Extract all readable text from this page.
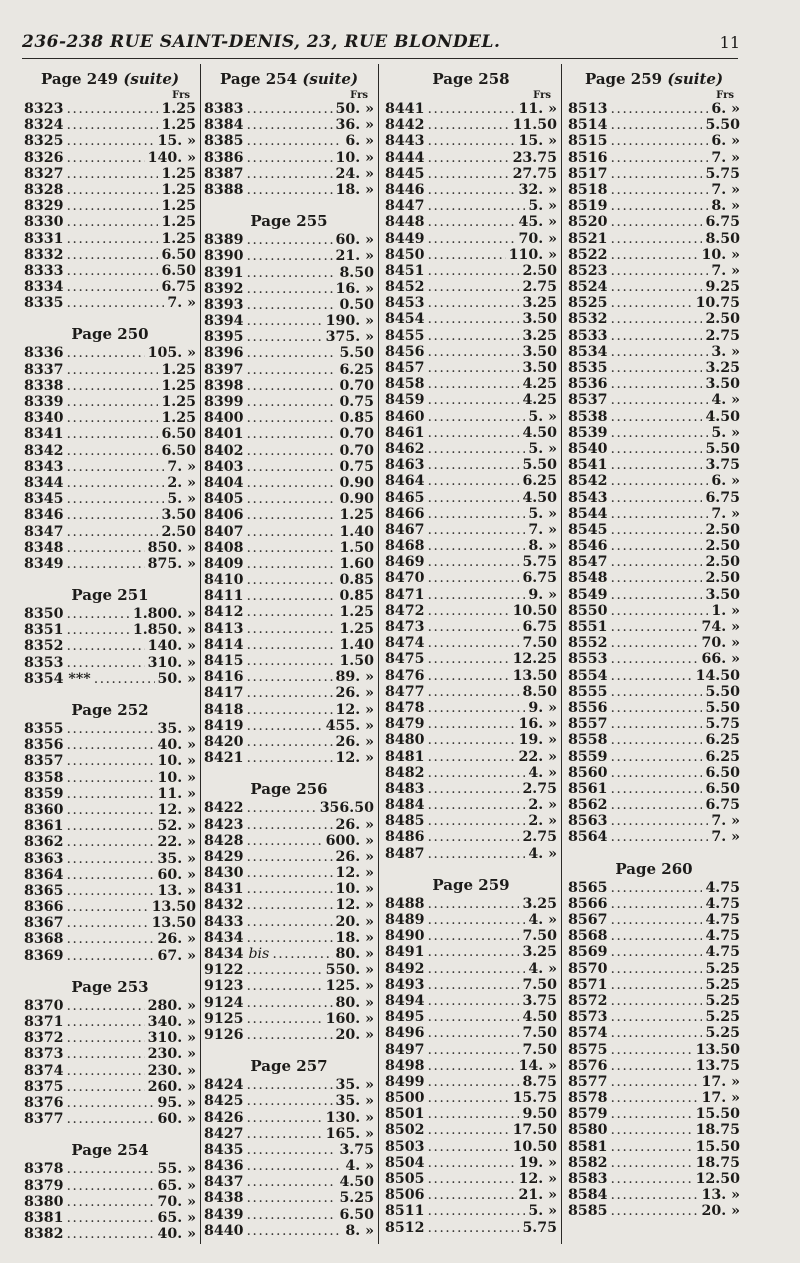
236-238 RUE SAINT-DENIS, 23, RUE BLONDEL.	11
Page 249 (suite)
Frs
8323 .....	1.25
8324 .....	1.25
8325 .....	15. »
8326 .....	140. »
8327 .....	1.25
8328 .....	1.25
8329 .....	1.25
8330 .....	1.25
8331 .....	1.25
8332 .....	6.50
8333 .....	6.50
8334 .....	6.75
8335 .....	7. »
Page 250
8336 .....	105. »
8337 .....	1.25
8338 .....	1.25
8339 .....	1.25
8340 .....	1.25
8341 .....	6.50
8342 .....	6.50
8343 .....	7. »
8344 .....	2. »
8345 .....	5. »
8346 .....	3.50
8347 .....	2.50
8348 .....	850. »
8349 .....	875. »
Page 251
8350 .....	1.800. »
8351 .....	1.850. »
8352 .....	140. »
8353 .....	310. »
8354 *** .....	50. »
Page 252
8355 .....	35. »
8356 .....	40. »
8357 .....	10. »
8358 .....	10. »
8359 .....	11. »
8360 .....	12. »
8361 .....	52. »
8362 .....	22. »
8363 .....	35. »
8364 .....	60. »
8365 .....	13. »
8366 .....	13.50
8367 .....	13.50
8368 .....	26. »
8369 .....	67. »
Page 253
8370 .....	280. »
8371 .....	340. »
8372 .....	310. »
8373 .....	230. »
8374 .....	230. »
8375 .....	260. »
8376 .....	95. »
8377 .....	60. »
Page 254
8378 .....	55. »
8379 .....	65. »
8380 .....	70. »
8381 .....	65. »
8382 .....	40. »
Page 254 (suite)
Frs
8383 .....	50. »
8384 .....	36. »
8385 .....	6. »
8386 .....	10. »
8387 .....	24. »
8388 .....	18. »
Page 255
8389 .....	60. »
8390 .....	21. »
8391 .....	8.50
8392 .....	16. »
8393 .....	0.50
8394 .....	190. »
8395 .....	375. »
8396 .....	5.50
8397 .....	6.25
8398 .....	0.70
8399 .....	0.75
8400 .....	0.85
8401 .....	0.70
8402 .....	0.70
8403 .....	0.75
8404 .....	0.90
8405 .....	0.90
8406 .....	1.25
8407 .....	1.40
8408 .....	1.50
8409 .....	1.60
8410 .....	0.85
8411 .....	0.85
8412 .....	1.25
8413 .....	1.25
8414 .....	1.40
8415 .....	1.50
8416 .....	89. »
8417 .....	26. »
8418 .....	12. »
8419 .....	455. »
8420 .....	26. »
8421 .....	12. »
Page 256
8422 .....	356.50
8423 .....	26. »
8428 .....	600. »
8429 .....	26. »
8430 .....	12. »
8431 .....	10. »
8432 .....	12. »
8433 .....	20. »
8434 .....	18. »
8434 bis .....	80. »
9122 .....	550. »
9123 .....	125. »
9124 .....	80. »
9125 .....	160. »
9126 .....	20. »
Page 257
8424 .....	35. »
8425 .....	35. »
8426 .....	130. »
8427 .....	165. »
8435 .....	3.75
8436 .....	4. »
8437 .....	4.50
8438 .....	5.25
8439 .....	6.50
8440 .....	8. »
Page 258
Frs
8441 .....	11. »
8442 .....	11.50
8443 .....	15. »
8444 .....	23.75
8445 .....	27.75
8446 .....	32. »
8447 .....	5. »
8448 .....	45. »
8449 .....	70. »
8450 .....	110. »
8451 .....	2.50
8452 .....	2.75
8453 .....	3.25
8454 .....	3.50
8455 .....	3.25
8456 .....	3.50
8457 .....	3.50
8458 .....	4.25
8459 .....	4.25
8460 .....	5. »
8461 .....	4.50
8462 .....	5. »
8463 .....	5.50
8464 .....	6.25
8465 .....	4.50
8466 .....	5. »
8467 .....	7. »
8468 .....	8. »
8469 .....	5.75
8470 .....	6.75
8471 .....	9. »
8472 .....	10.50
8473 .....	6.75
8474 .....	7.50
8475 .....	12.25
8476 .....	13.50
8477 .....	8.50
8478 .....	9. »
8479 .....	16. »
8480 .....	19. »
8481 .....	22. »
8482 .....	4. »
8483 .....	2.75
8484 .....	2. »
8485 .....	2. »
8486 .....	2.75
8487 .....	4. »
Page 259
8488 .....	3.25
8489 .....	4. »
8490 .....	7.50
8491 .....	3.25
8492 .....	4. »
8493 .....	7.50
8494 .....	3.75
8495 .....	4.50
8496 .....	7.50
8497 .....	7.50
8498 .....	14. »
8499 .....	8.75
8500 .....	15.75
8501 .....	9.50
8502 .....	17.50
8503 .....	10.50
8504 .....	19. »
8505 .....	12. »
8506 .....	21. »
8511 .....	5. »
8512 .....	5.75
Page 259 (suite)
Frs
8513 .....	6. »
8514 .....	5.50
8515 .....	6. »
8516 .....	7. »
8517 .....	5.75
8518 .....	7. »
8519 .....	8. »
8520 .....	6.75
8521 .....	8.50
8522 .....	10. »
8523 .....	7. »
8524 .....	9.25
8525 .....	10.75
8532 .....	2.50
8533 .....	2.75
8534 .....	3. »
8535 .....	3.25
8536 .....	3.50
8537 .....	4. »
8538 .....	4.50
8539 .....	5. »
8540 .....	5.50
8541 .....	3.75
8542 .....	6. »
8543 .....	6.75
8544 .....	7. »
8545 .....	2.50
8546 .....	2.50
8547 .....	2.50
8548 .....	2.50
8549 .....	3.50
8550 .....	1. »
8551 .....	74. »
8552 .....	70. »
8553 .....	66. »
8554 .....	14.50
8555 .....	5.50
8556 .....	5.50
8557 .....	5.75
8558 .....	6.25
8559 .....	6.25
8560 .....	6.50
8561 .....	6.50
8562 .....	6.75
8563 .....	7. »
8564 .....	7. »
Page 260
8565 .....	4.75
8566 .....	4.75
8567 .....	4.75
8568 .....	4.75
8569 .....	4.75
8570 .....	5.25
8571 .....	5.25
8572 .....	5.25
8573 .....	5.25
8574 .....	5.25
8575 .....	13.50
8576 .....	13.75
8577 .....	17. »
8578 .....	17. »
8579 .....	15.50
8580 .....	18.75
8581 .....	15.50
8582 .....	18.75
8583 .....	12.50
8584 .....	13. »
8585 .....	20. »
